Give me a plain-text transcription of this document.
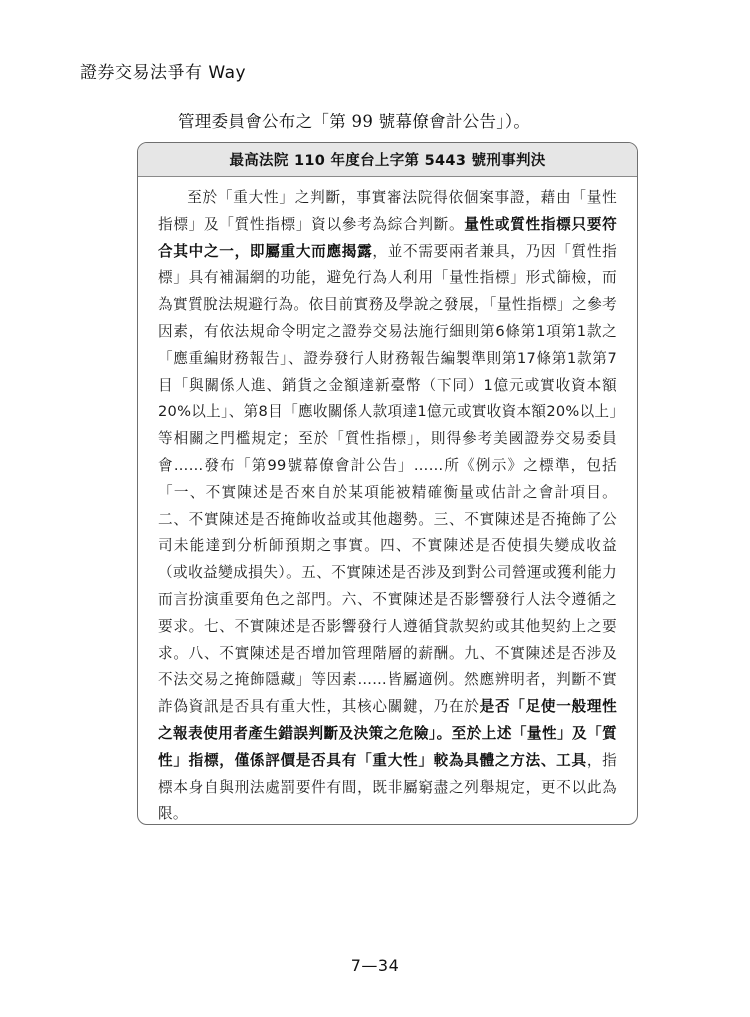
證券交易法爭有 Way
管理委員會公布之「第 99 號幕僚會計公告」）。
最高法院 110 年度台上字第 5443 號刑事判決
至於「重大性」之判斷，事實審法院得依個案事證，藉由「量性指標」及「質性指標」資以參考為綜合判斷。量性或質性指標只要符合其中之一，即屬重大而應揭露，並不需要兩者兼具，乃因「質性指標」具有補漏網的功能，避免行為人利用「量性指標」形式篩檢，而為實質脫法規避行為。依目前實務及學說之發展，「量性指標」之參考因素，有依法規命令明定之證券交易法施行細則第6條第1項第1款之「應重編財務報告」、證券發行人財務報告編製準則第17條第1款第7目「與關係人進、銷貨之金額達新臺幣（下同）1億元或實收資本額20%以上」、第8目「應收關係人款項達1億元或實收資本額20%以上」等相關之門檻規定；至於「質性指標」，則得參考美國證券交易委員會……發布「第99號幕僚會計公告」……所《例示》之標準，包括「一、不實陳述是否來自於某項能被精確衡量或估計之會計項目。二、不實陳述是否掩飾收益或其他趨勢。三、不實陳述是否掩飾了公司未能達到分析師預期之事實。四、不實陳述是否使損失變成收益（或收益變成損失）。五、不實陳述是否涉及到對公司營運或獲利能力而言扮演重要角色之部門。六、不實陳述是否影響發行人法令遵循之要求。七、不實陳述是否影響發行人遵循貸款契約或其他契約上之要求。八、不實陳述是否增加管理階層的薪酬。九、不實陳述是否涉及不法交易之掩飾隱藏」等因素……皆屬適例。然應辨明者，判斷不實詐偽資訊是否具有重大性，其核心關鍵，乃在於是否「足使一般理性之報表使用者產生錯誤判斷及決策之危險」。至於上述「量性」及「質性」指標，僅係評價是否具有「重大性」較為具體之方法、工具，指標本身自與刑法處罰要件有間，既非屬窮盡之列舉規定，更不以此為限。
7—34
